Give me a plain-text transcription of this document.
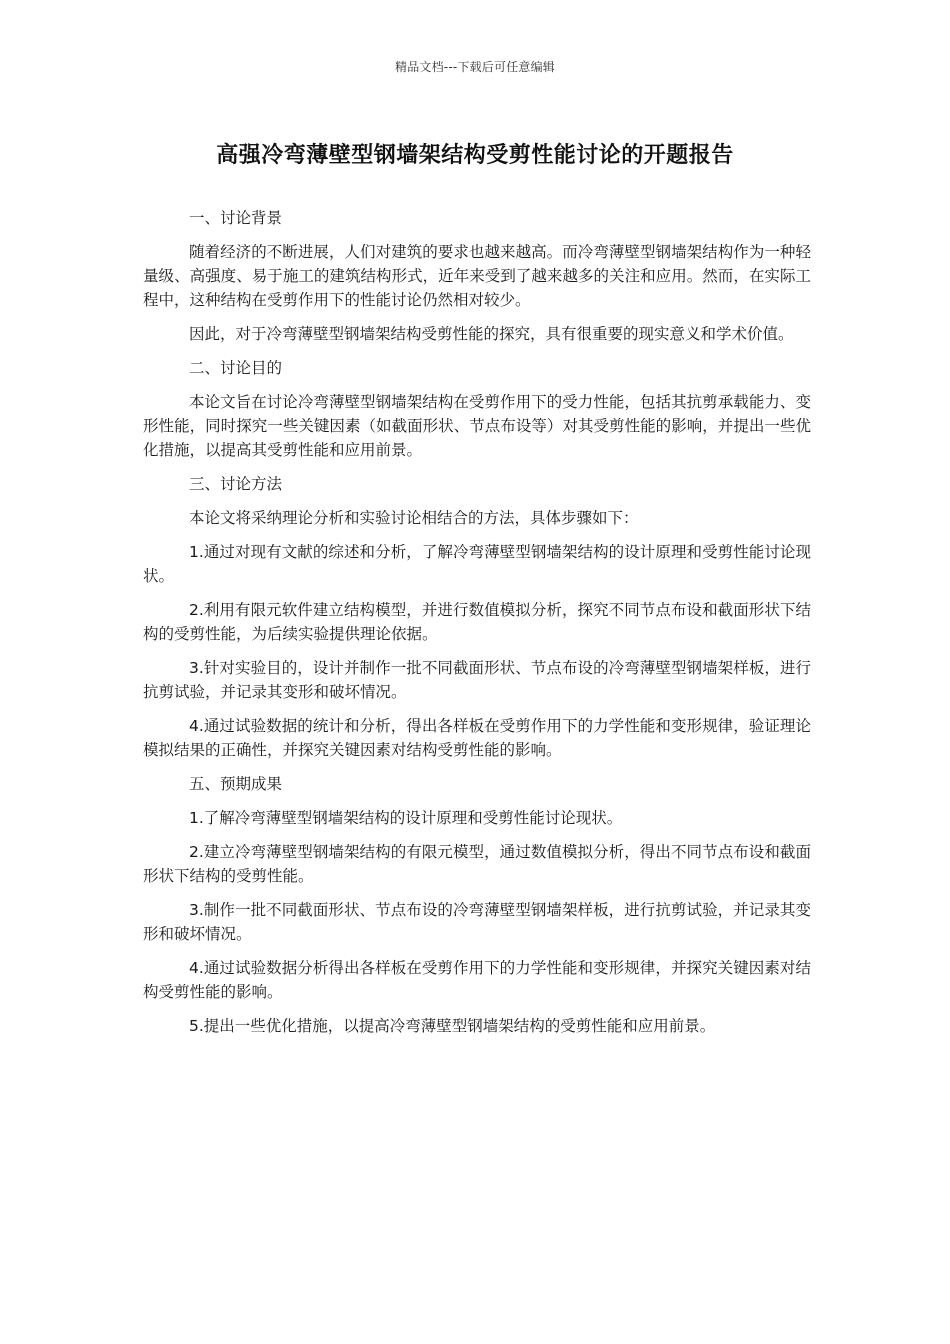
精品文档---下载后可任意编辑
高强冷弯薄壁型钢墙架结构受剪性能讨论的开题报告

一、讨论背景

随着经济的不断进展，人们对建筑的要求也越来越高。而冷弯薄壁型钢墙架结构作为一种轻量级、高强度、易于施工的建筑结构形式，近年来受到了越来越多的关注和应用。然而，在实际工程中，这种结构在受剪作用下的性能讨论仍然相对较少。

因此，对于冷弯薄壁型钢墙架结构受剪性能的探究，具有很重要的现实意义和学术价值。

二、讨论目的

本论文旨在讨论冷弯薄壁型钢墙架结构在受剪作用下的受力性能，包括其抗剪承载能力、变形性能，同时探究一些关键因素（如截面形状、节点布设等）对其受剪性能的影响，并提出一些优化措施，以提高其受剪性能和应用前景。

三、讨论方法

本论文将采纳理论分析和实验讨论相结合的方法，具体步骤如下：

1.通过对现有文献的综述和分析，了解冷弯薄壁型钢墙架结构的设计原理和受剪性能讨论现状。

2.利用有限元软件建立结构模型，并进行数值模拟分析，探究不同节点布设和截面形状下结构的受剪性能，为后续实验提供理论依据。

3.针对实验目的，设计并制作一批不同截面形状、节点布设的冷弯薄壁型钢墙架样板，进行抗剪试验，并记录其变形和破坏情况。

4.通过试验数据的统计和分析，得出各样板在受剪作用下的力学性能和变形规律，验证理论模拟结果的正确性，并探究关键因素对结构受剪性能的影响。

五、预期成果

1.了解冷弯薄壁型钢墙架结构的设计原理和受剪性能讨论现状。

2.建立冷弯薄壁型钢墙架结构的有限元模型，通过数值模拟分析，得出不同节点布设和截面形状下结构的受剪性能。

3.制作一批不同截面形状、节点布设的冷弯薄壁型钢墙架样板，进行抗剪试验，并记录其变形和破坏情况。

4.通过试验数据分析得出各样板在受剪作用下的力学性能和变形规律，并探究关键因素对结构受剪性能的影响。

5.提出一些优化措施，以提高冷弯薄壁型钢墙架结构的受剪性能和应用前景。
